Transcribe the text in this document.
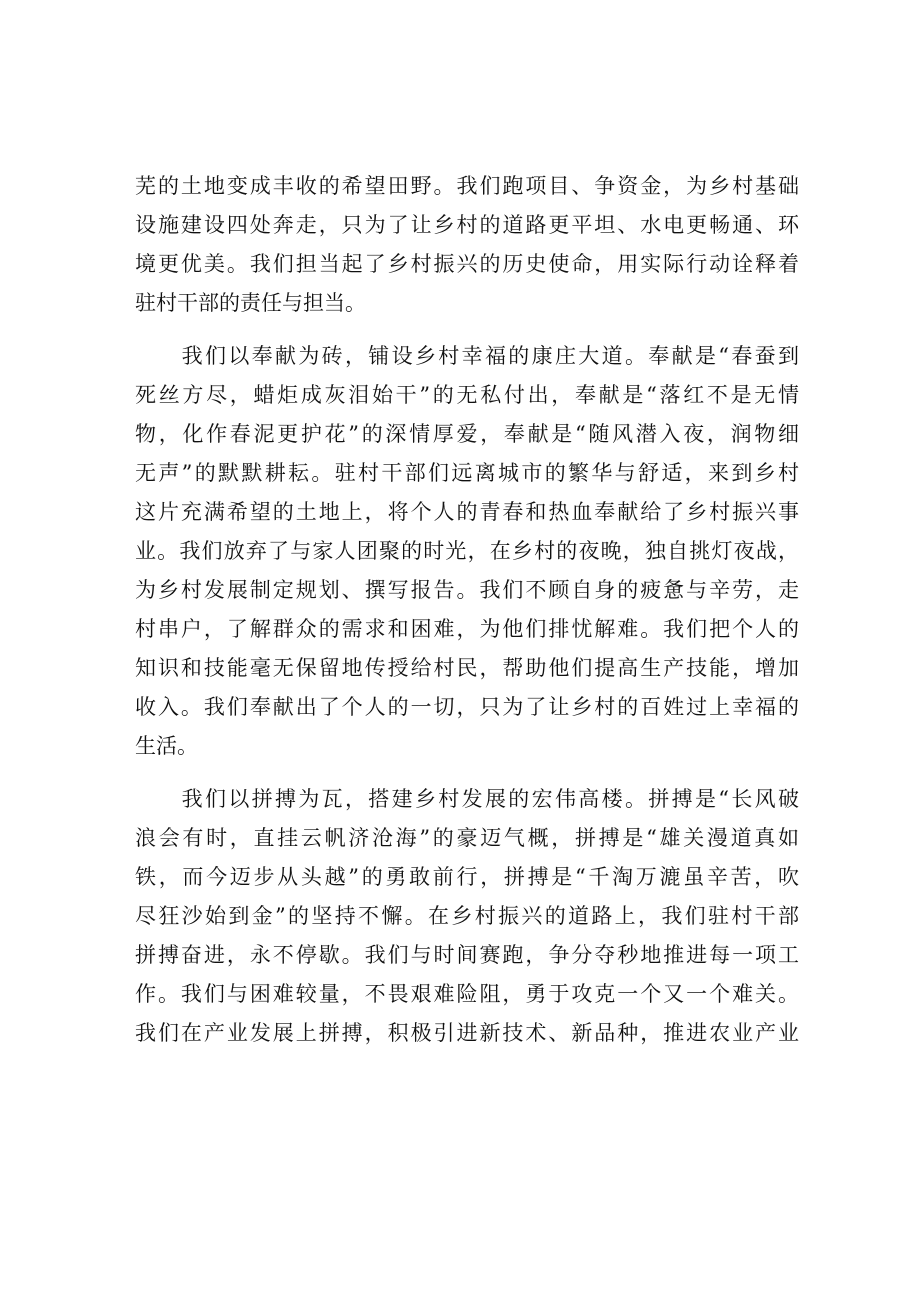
芜的土地变成丰收的希望田野。我们跑项目、争资金，为乡村基础
设施建设四处奔走，只为了让乡村的道路更平坦、水电更畅通、环
境更优美。我们担当起了乡村振兴的历史使命，用实际行动诠释着
驻村干部的责任与担当。

　　我们以奉献为砖，铺设乡村幸福的康庄大道。奉献是“春蚕到
死丝方尽，蜡炬成灰泪始干”的无私付出，奉献是“落红不是无情
物，化作春泥更护花”的深情厚爱，奉献是“随风潜入夜，润物细
无声”的默默耕耘。驻村干部们远离城市的繁华与舒适，来到乡村
这片充满希望的土地上，将个人的青春和热血奉献给了乡村振兴事
业。我们放弃了与家人团聚的时光，在乡村的夜晚，独自挑灯夜战，
为乡村发展制定规划、撰写报告。我们不顾自身的疲惫与辛劳，走
村串户，了解群众的需求和困难，为他们排忧解难。我们把个人的
知识和技能毫无保留地传授给村民，帮助他们提高生产技能，增加
收入。我们奉献出了个人的一切，只为了让乡村的百姓过上幸福的
生活。

　　我们以拼搏为瓦，搭建乡村发展的宏伟高楼。拼搏是“长风破
浪会有时，直挂云帆济沧海”的豪迈气概，拼搏是“雄关漫道真如
铁，而今迈步从头越”的勇敢前行，拼搏是“千淘万漉虽辛苦，吹
尽狂沙始到金”的坚持不懈。在乡村振兴的道路上，我们驻村干部
拼搏奋进，永不停歇。我们与时间赛跑，争分夺秒地推进每一项工
作。我们与困难较量，不畏艰难险阻，勇于攻克一个又一个难关。
我们在产业发展上拼搏，积极引进新技术、新品种，推进农业产业
